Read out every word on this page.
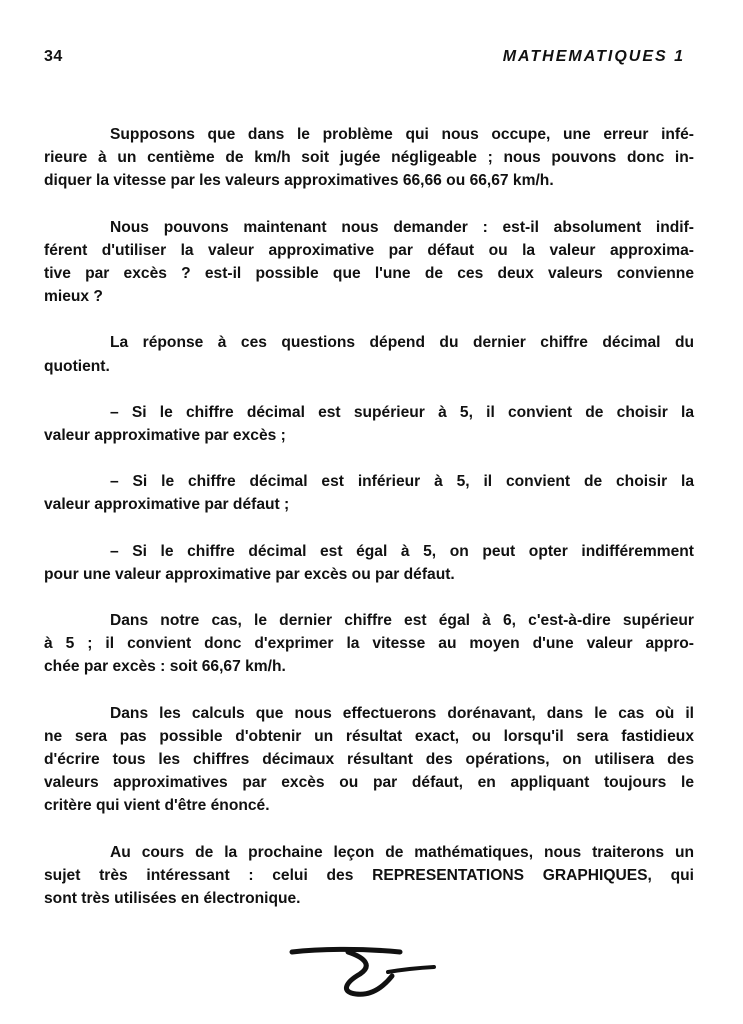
34	MATHEMATIQUES 1

Supposons que dans le problème qui nous occupe, une erreur infé-
rieure à un centième de km/h soit jugée négligeable ; nous pouvons donc in-
diquer la vitesse par les valeurs approximatives 66,66 ou 66,67 km/h.

Nous pouvons maintenant nous demander : est-il absolument indif-
férent d'utiliser la valeur approximative par défaut ou la valeur approxima-
tive par excès ? est-il possible que l'une de ces deux valeurs convienne
mieux ?

La réponse à ces questions dépend du dernier chiffre décimal du
quotient.

– Si le chiffre décimal est supérieur à 5, il convient de choisir la
valeur approximative par excès ;

– Si le chiffre décimal est inférieur à 5, il convient de choisir la
valeur approximative par défaut ;

– Si le chiffre décimal est égal à 5, on peut opter indifféremment
pour une valeur approximative par excès ou par défaut.

Dans notre cas, le dernier chiffre est égal à 6, c'est-à-dire supérieur
à 5 ; il convient donc d'exprimer la vitesse au moyen d'une valeur appro-
chée par excès : soit 66,67 km/h.

Dans les calculs que nous effectuerons dorénavant, dans le cas où il
ne sera pas possible d'obtenir un résultat exact, ou lorsqu'il sera fastidieux
d'écrire tous les chiffres décimaux résultant des opérations, on utilisera des
valeurs approximatives par excès ou par défaut, en appliquant toujours le
critère qui vient d'être énoncé.

Au cours de la prochaine leçon de mathématiques, nous traiterons un
sujet très intéressant : celui des REPRESENTATIONS GRAPHIQUES, qui
sont très utilisées en électronique.
